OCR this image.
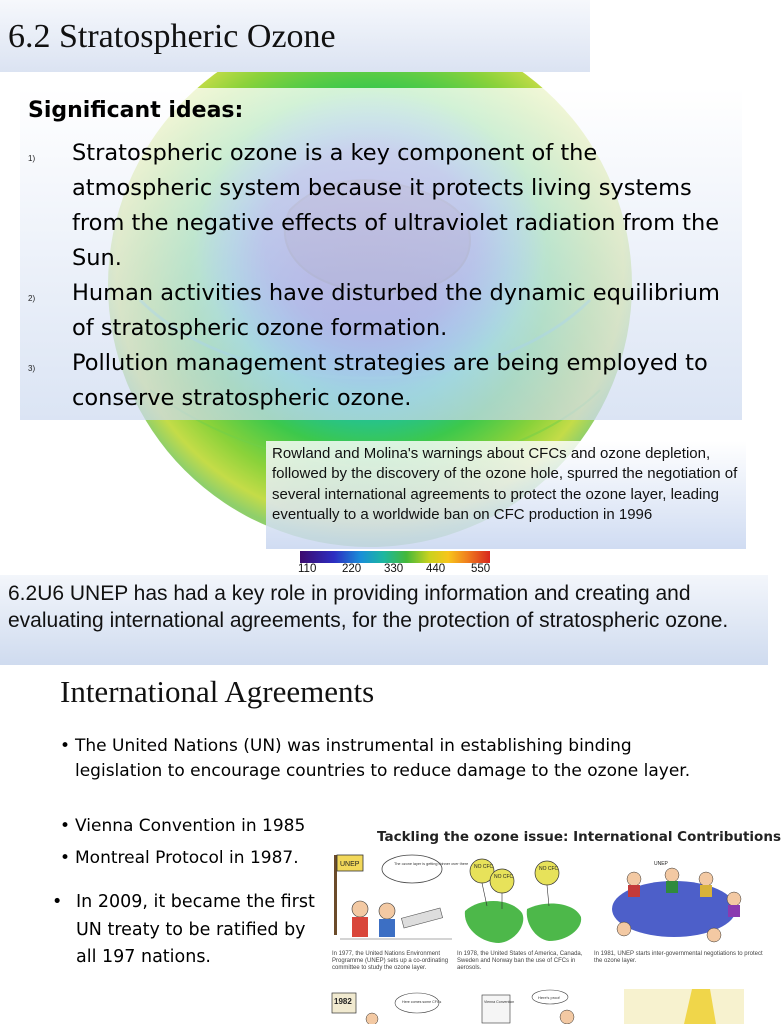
6.2 Stratospheric Ozone
Significant ideas:
1) Stratospheric ozone is a key component of the atmospheric system because it protects living systems from the negative effects of ultraviolet radiation from the Sun.
2) Human activities have disturbed the dynamic equilibrium of stratospheric ozone formation.
3) Pollution management strategies are being employed to conserve stratospheric ozone.
Rowland and Molina's warnings about CFCs and ozone depletion, followed by the discovery of the ozone hole, spurred the negotiation of several international agreements to protect the ozone layer, leading eventually to a worldwide ban on CFC production in 1996
110 220 330 440 550
6.2U6 UNEP has had a key role in providing information and creating and evaluating international agreements, for the protection of stratospheric ozone.
International Agreements
• The United Nations (UN) was instrumental in establishing binding legislation to encourage countries to reduce damage to the ozone layer.
• Vienna Convention in 1985
• Montreal Protocol in 1987.
• In 2009, it became the first UN treaty to be ratified by all 197 nations.
Tackling the ozone issue: International Contributions
UNEP	The ozone layer is getting thinner over there
In 1977, the United Nations Environment Programme (UNEP) sets up a co-ordinating committee to study the ozone layer.
NO CFC
NO CFC
NO CFC
In 1978, the United States of America, Canada, Sweden and Norway ban the use of CFCs in aerosols.
UNEP
In 1981, UNEP starts inter-governmental negotiations to protect the ozone layer.
1982	Here comes some CFCs
Here's proof
Vienna Convention
